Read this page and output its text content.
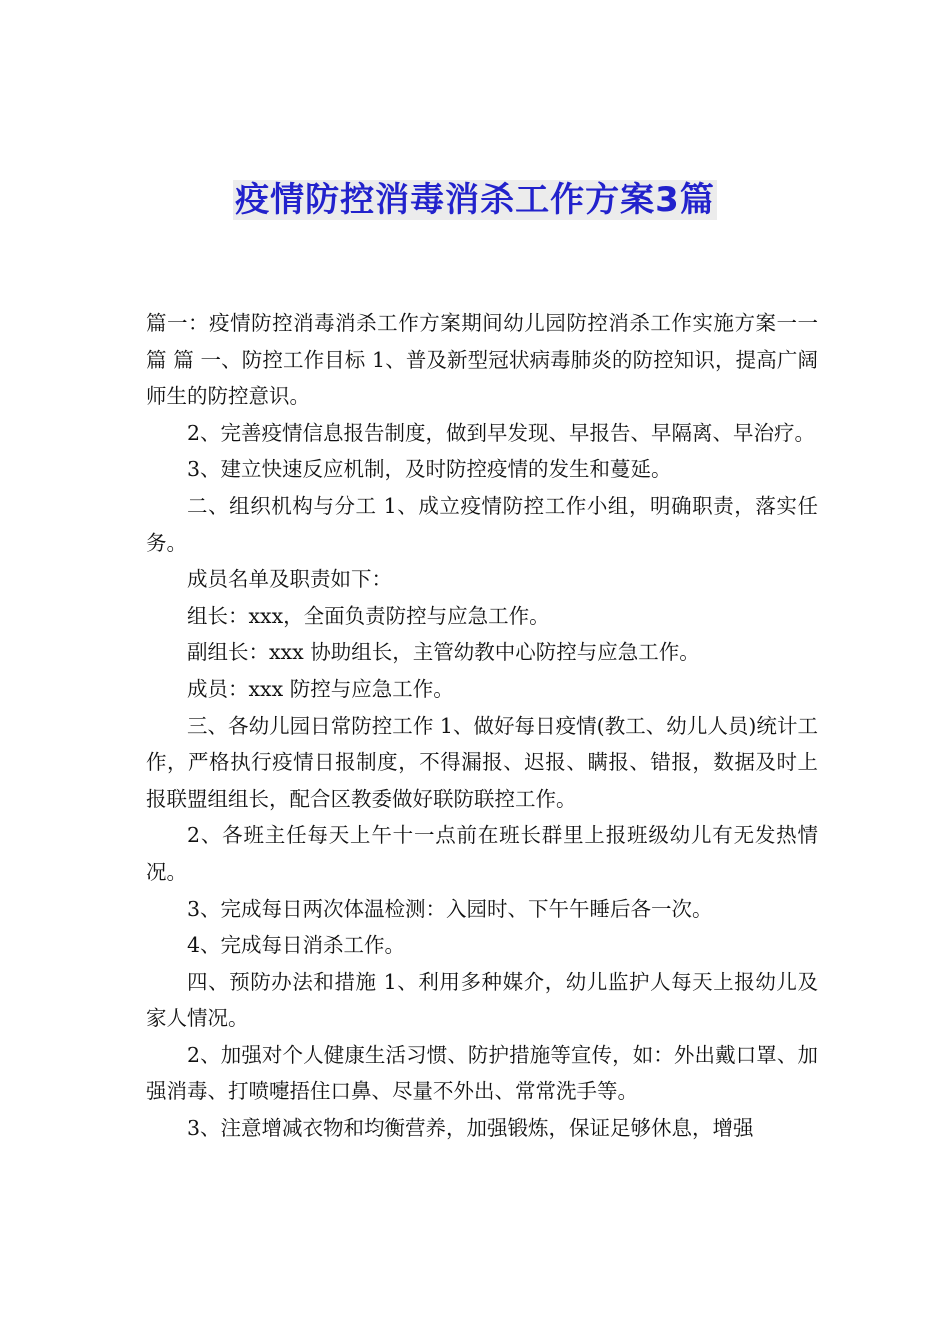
疫情防控消毒消杀工作方案3篇

篇一：疫情防控消毒消杀工作方案期间幼儿园防控消杀工作实施方案一一篇 篇 一、防控工作目标 1、普及新型冠状病毒肺炎的防控知识，提高广阔师生的防控意识。

2、完善疫情信息报告制度，做到早发现、早报告、早隔离、早治疗。

3、建立快速反应机制，及时防控疫情的发生和蔓延。

二、组织机构与分工 1、成立疫情防控工作小组，明确职责，落实任务。

成员名单及职责如下：

组长：xxx，全面负责防控与应急工作。

副组长：xxx 协助组长，主管幼教中心防控与应急工作。

成员：xxx 防控与应急工作。

三、各幼儿园日常防控工作 1、做好每日疫情(教工、幼儿人员)统计工作，严格执行疫情日报制度，不得漏报、迟报、瞒报、错报，数据及时上报联盟组组长，配合区教委做好联防联控工作。

2、各班主任每天上午十一点前在班长群里上报班级幼儿有无发热情况。

3、完成每日两次体温检测：入园时、下午午睡后各一次。

4、完成每日消杀工作。

四、预防办法和措施 1、利用多种媒介，幼儿监护人每天上报幼儿及家人情况。

2、加强对个人健康生活习惯、防护措施等宣传，如：外出戴口罩、加强消毒、打喷嚏捂住口鼻、尽量不外出、常常洗手等。

3、注意增减衣物和均衡营养，加强锻炼，保证足够休息，增强
